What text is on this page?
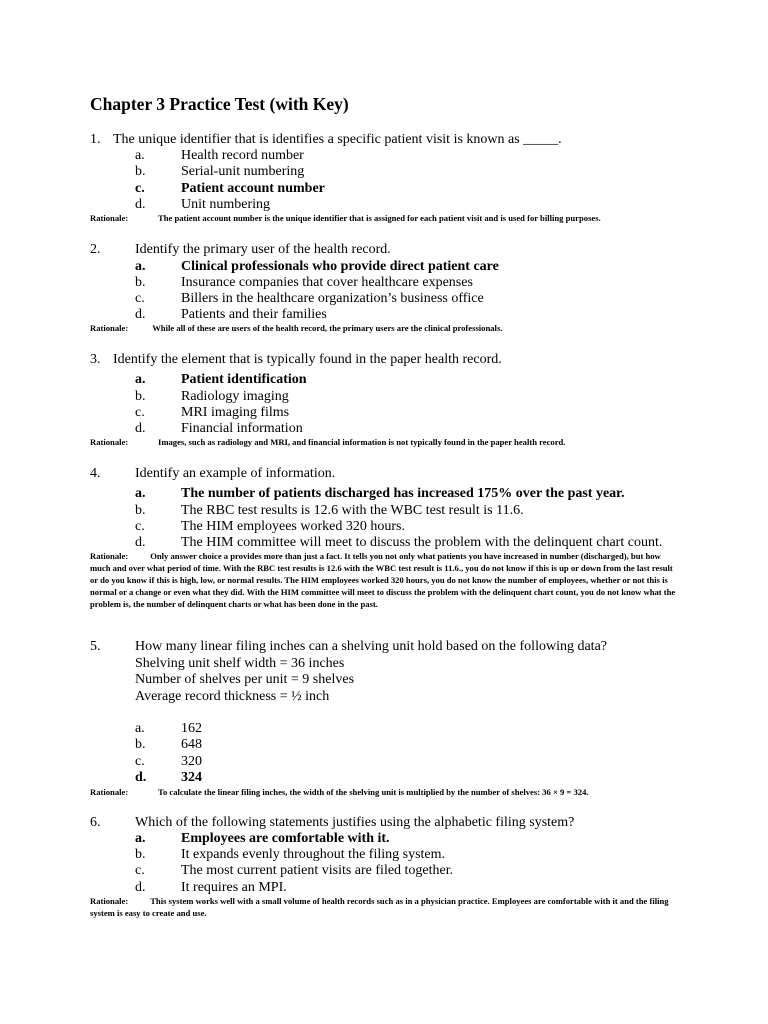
Chapter 3 Practice Test (with Key)
1. The unique identifier that is identifies a specific patient visit is known as _____.
a.	Health record number
b.	Serial-unit numbering
c.	Patient account number
d.	Unit numbering
Rationale:	The patient account number is the unique identifier that is assigned for each patient visit and is used for billing purposes.
2. Identify the primary user of the health record.
a.	Clinical professionals who provide direct patient care
b.	Insurance companies that cover healthcare expenses
c.	Billers in the healthcare organization’s business office
d.	Patients and their families
Rationale:	While all of these are users of the health record, the primary users are the clinical professionals.
3. Identify the element that is typically found in the paper health record.
a.	Patient identification
b.	Radiology imaging
c.	MRI imaging films
d.	Financial information
Rationale:	Images, such as radiology and MRI, and financial information is not typically found in the paper health record.
4. Identify an example of information.
a.	The number of patients discharged has increased 175% over the past year.
b.	The RBC test results is 12.6 with the WBC test result is 11.6.
c.	The HIM employees worked 320 hours.
d.	The HIM committee will meet to discuss the problem with the delinquent chart count.
Rationale:	Only answer choice a provides more than just a fact. It tells you not only what patients you have increased in number (discharged), but how much and over what period of time. With the RBC test results is 12.6 with the WBC test result is 11.6., you do not know if this is up or down from the last result or do you know if this is high, low, or normal results. The HIM employees worked 320 hours, you do not know the number of employees, whether or not this is normal or a change or even what they did. With the HIM committee will meet to discuss the problem with the delinquent chart count, you do not know what the problem is, the number of delinquent charts or what has been done in the past.
5. How many linear filing inches can a shelving unit hold based on the following data?
Shelving unit shelf width = 36 inches
Number of shelves per unit = 9 shelves
Average record thickness = ½ inch
a.	162
b.	648
c.	320
d. 324
Rationale:	To calculate the linear filing inches, the width of the shelving unit is multiplied by the number of shelves: 36 × 9 = 324.
6. Which of the following statements justifies using the alphabetic filing system?
a.	Employees are comfortable with it.
b.	It expands evenly throughout the filing system.
c.	The most current patient visits are filed together.
d.	It requires an MPI.
Rationale:	This system works well with a small volume of health records such as in a physician practice. Employees are comfortable with it and the filing system is easy to create and use.
